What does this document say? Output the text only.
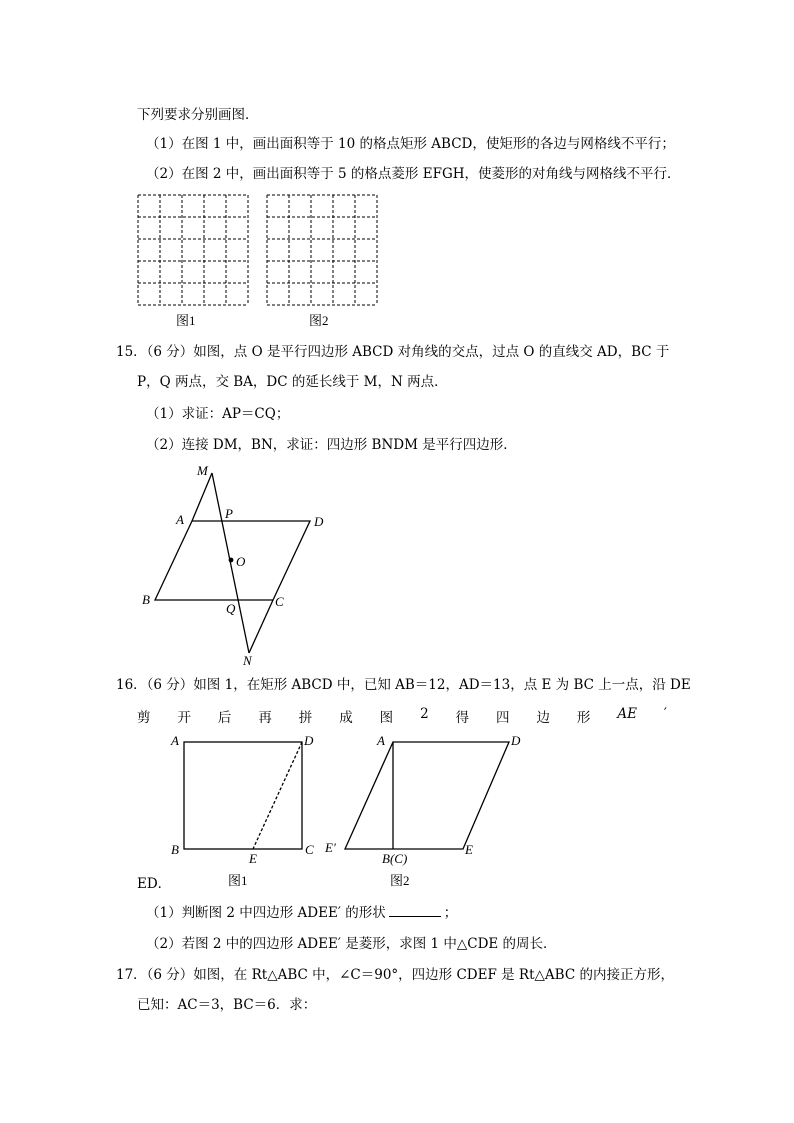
下列要求分别画图．
（1）在图 1 中，画出面积等于 10 的格点矩形 ABCD，使矩形的各边与网格线不平行；
（2）在图 2 中，画出面积等于 5 的格点菱形 EFGH，使菱形的对角线与网格线不平行．
图1	图2
15．（6 分）如图，点 O 是平行四边形 ABCD 对角线的交点，过点 O 的直线交 AD，BC 于
P，Q 两点，交 BA，DC 的延长线于 M，N 两点．
（1）求证：AP＝CQ；
（2）连接 DM，BN，求证：四边形 BNDM 是平行四边形．
M
A	P
D
O
B
Q	C
N
16．（6 分）如图 1，在矩形 ABCD 中，已知 AB＝12，AD＝13，点 E 为 BC 上一点，沿 DE
剪 开 后 再 拼 成 图 2 得 四 边 形 AE ′
A	D
B
E
C
图1
A	D
E′
B(C)
E
图2
ED．
（1）判断图 2 中四边形 ADEE′ 的形状	；
（2）若图 2 中的四边形 ADEE′ 是菱形，求图 1 中△CDE 的周长．
17．（6 分）如图，在 Rt△ABC 中，∠C＝90°，四边形 CDEF 是 Rt△ABC 的内接正方形，
已知：AC＝3，BC＝6．求：
